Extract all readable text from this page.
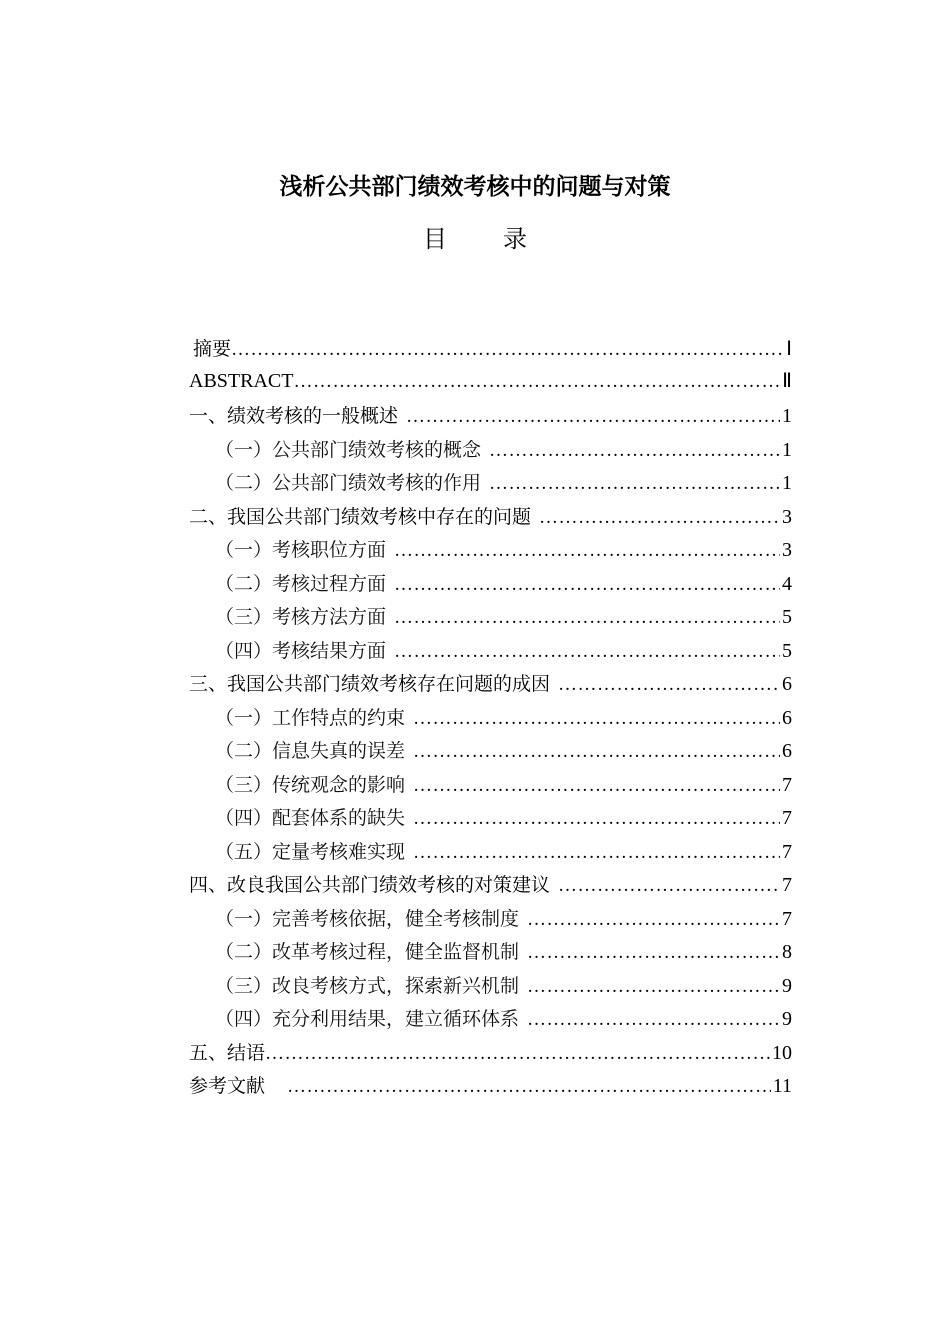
浅析公共部门绩效考核中的问题与对策
目 录
摘要 …………………………………………………………………………………………………………………………	Ⅰ
ABSTRACT …………………………………………………………………………………………………………………………	Ⅱ
一、绩效考核的一般概述 …………………………………………………………………………………………………………………………	1
（一）公共部门绩效考核的概念 …………………………………………………………………………………………………………………………	1
（二）公共部门绩效考核的作用 …………………………………………………………………………………………………………………………	1
二、我国公共部门绩效考核中存在的问题 …………………………………………………………………………………………………………………………	3
（一）考核职位方面 …………………………………………………………………………………………………………………………	3
（二）考核过程方面 …………………………………………………………………………………………………………………………	4
（三）考核方法方面 …………………………………………………………………………………………………………………………	5
（四）考核结果方面 …………………………………………………………………………………………………………………………	5
三、我国公共部门绩效考核存在问题的成因 …………………………………………………………………………………………………………………………	6
（一）工作特点的约束 …………………………………………………………………………………………………………………………	6
（二）信息失真的误差 …………………………………………………………………………………………………………………………	6
（三）传统观念的影响 …………………………………………………………………………………………………………………………	7
（四）配套体系的缺失 …………………………………………………………………………………………………………………………	7
（五）定量考核难实现 …………………………………………………………………………………………………………………………	7
四、改良我国公共部门绩效考核的对策建议 …………………………………………………………………………………………………………………………	7
（一）完善考核依据，健全考核制度 …………………………………………………………………………………………………………………………	7
（二）改革考核过程，健全监督机制 …………………………………………………………………………………………………………………………	8
（三）改良考核方式，探索新兴机制 …………………………………………………………………………………………………………………………	9
（四）充分利用结果，建立循环体系 …………………………………………………………………………………………………………………………	9
五、结语 …………………………………………………………………………………………………………………………	10
参考文献 …………………………………………………………………………………………………………………………	11
